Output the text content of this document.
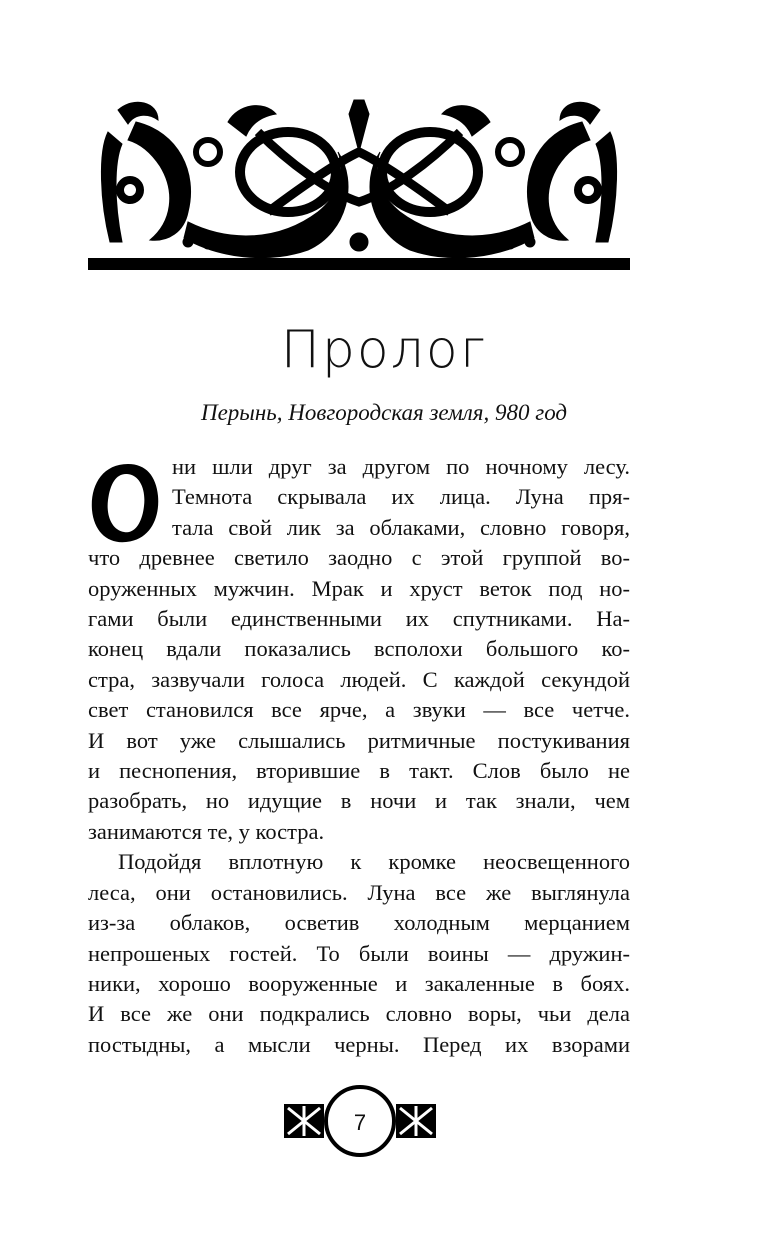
Пролог
Перынь, Новгородская земля, 980 год
ни шли друг за другом по ночному лесу.
Темнота скрывала их лица. Луна пря-
тала свой лик за облаками, словно говоря,
что древнее светило заодно с этой группой во-
оруженных мужчин. Мрак и хруст веток под но-
гами были единственными их спутниками. На-
конец вдали показались всполохи большого ко-
стра, зазвучали голоса людей. С каждой секундой
свет становился все ярче, а звуки — все четче.
И вот уже слышались ритмичные постукивания
и песнопения, вторившие в такт. Слов было не
разобрать, но идущие в ночи и так знали, чем
занимаются те, у костра.
Подойдя вплотную к кромке неосвещенного
леса, они остановились. Луна все же выглянула
из-за облаков, осветив холодным мерцанием
непрошеных гостей. То были воины — дружин-
ники, хорошо вооруженные и закаленные в боях.
И все же они подкрались словно воры, чьи дела
постыдны, а мысли черны. Перед их взорами
7
